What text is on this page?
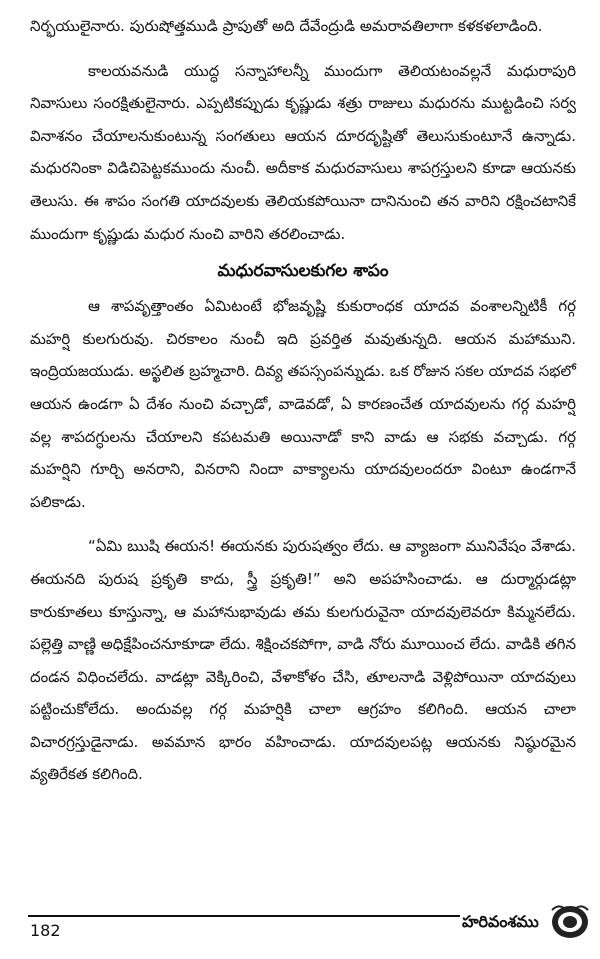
నిర్భయులైనారు. పురుషోత్తముడి ప్రాపుతో అది దేవేంద్రుడి అమరావతిలాగా కళకళలాడింది.

కాలయవనుడి యుద్ధ సన్నాహాలన్నీ ముందుగా తెలియటంవల్లనే మధురాపురి నివాసులు సంరక్షితులైనారు. ఎప్పటికప్పుడు కృష్ణుడు శత్రు రాజులు మధురను ముట్టడించి సర్వ వినాశనం చేయాలనుకుంటున్న సంగతులు ఆయన దూరదృష్టితో తెలుసుకుంటూనే ఉన్నాడు. మధురనింకా విడిచిపెట్టకముందు నుంచీ. అదీకాక మధురవాసులు శాపగ్రస్తులని కూడా ఆయనకు తెలుసు. ఈ శాపం సంగతి యాదవులకు తెలియకపోయినా దానినుంచి తన వారిని రక్షించటానికే ముందుగా కృష్ణుడు మధుర నుంచి వారిని తరలించాడు.

మధురవాసులకుగల శాపం

ఆ శాపవృత్తాంతం ఏమిటంటే భోజవృష్ణి కుకురాంధక యాదవ వంశాలన్నిటికీ గర్గ మహర్షి కులగురువు. చిరకాలం నుంచీ ఇది ప్రవర్తిత మవుతున్నది. ఆయన మహాముని. ఇంద్రియజయుడు. అస్ఖలిత బ్రహ్మచారి. దివ్య తపస్సంపన్నుడు. ఒక రోజున సకల యాదవ సభలో ఆయన ఉండగా ఏ దేశం నుంచి వచ్చాడో, వాడెవడో, ఏ కారణంచేత యాదవులను గర్గ మహర్షి వల్ల శాపదగ్ధులను చేయాలని కపటమతి అయినాడో కాని వాడు ఆ సభకు వచ్చాడు. గర్గ మహర్షిని గూర్చి అనరాని, వినరాని నిందా వాక్యాలను యాదవులందరూ వింటూ ఉండగానే పలికాడు.

“ఏమి ఋషి ఈయన! ఈయనకు పురుషత్వం లేదు. ఆ వ్యాజంగా మునివేషం వేశాడు. ఈయనది పురుష ప్రకృతి కాదు, స్త్రీ ప్రకృతి!” అని అపహసించాడు. ఆ దుర్మార్గుడట్లా కారుకూతలు కూస్తున్నా, ఆ మహానుభావుడు తమ కులగురువైనా యాదవులెవరూ కిమ్మనలేదు. పల్లెత్తి వాణ్ణి అధిక్షేపించనూకూడా లేదు. శిక్షించకపోగా, వాడి నోరు మూయించ లేదు. వాడికి తగిన దండన విధించలేదు. వాడట్లా వెక్కిరించి, వేళాకోళం చేసి, తూలనాడి వెళ్లిపోయినా యాదవులు పట్టించుకోలేదు. అందువల్ల గర్గ మహర్షికి చాలా ఆగ్రహం కలిగింది. ఆయన చాలా విచారగ్రస్తుడైనాడు. అవమాన భారం వహించాడు. యాదవులపట్ల ఆయనకు నిష్ఠురమైన వ్యతిరేకత కలిగింది.

182	హరివంశము
